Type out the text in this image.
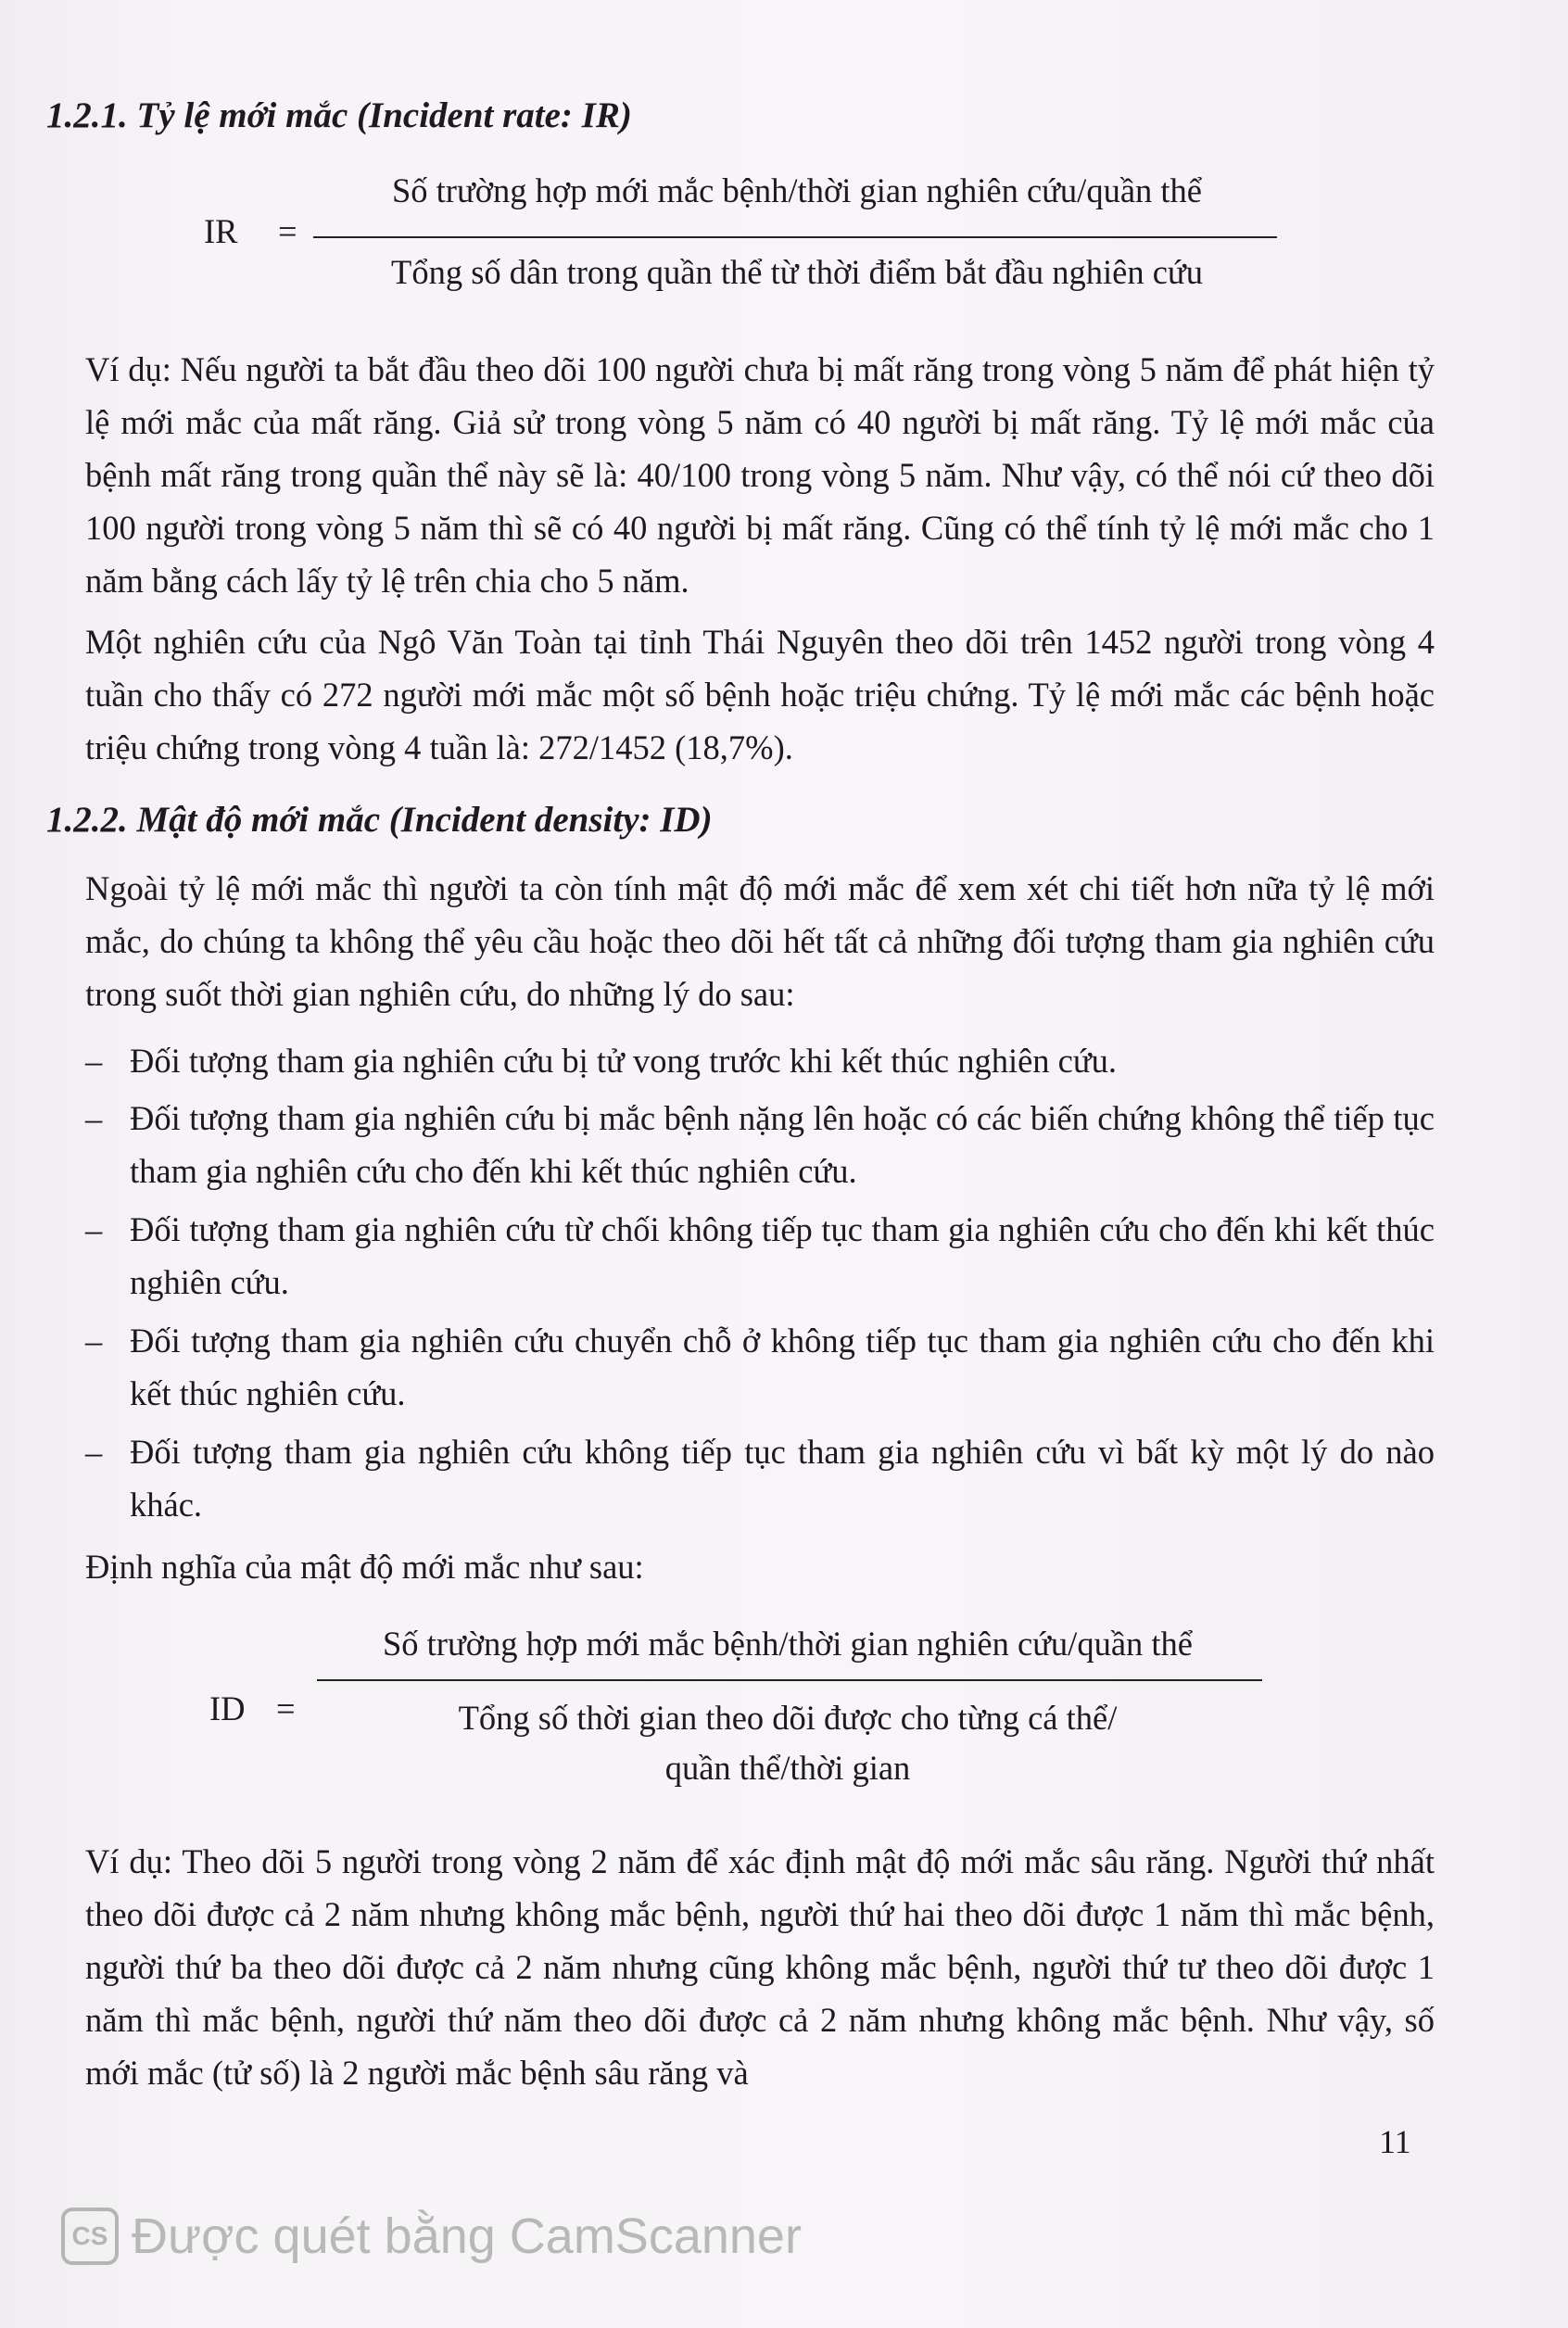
1.2.1. Tỷ lệ mới mắc (Incident rate: IR)
IR =
Số trường hợp mới mắc bệnh/thời gian nghiên cứu/quần thể
Tổng số dân trong quần thể từ thời điểm bắt đầu nghiên cứu
Ví dụ: Nếu người ta bắt đầu theo dõi 100 người chưa bị mất răng trong vòng 5 năm để phát hiện tỷ lệ mới mắc của mất răng. Giả sử trong vòng 5 năm có 40 người bị mất răng. Tỷ lệ mới mắc của bệnh mất răng trong quần thể này sẽ là: 40/100 trong vòng 5 năm. Như vậy, có thể nói cứ theo dõi 100 người trong vòng 5 năm thì sẽ có 40 người bị mất răng. Cũng có thể tính tỷ lệ mới mắc cho 1 năm bằng cách lấy tỷ lệ trên chia cho 5 năm.
Một nghiên cứu của Ngô Văn Toàn tại tỉnh Thái Nguyên theo dõi trên 1452 người trong vòng 4 tuần cho thấy có 272 người mới mắc một số bệnh hoặc triệu chứng. Tỷ lệ mới mắc các bệnh hoặc triệu chứng trong vòng 4 tuần là: 272/1452 (18,7%).
1.2.2. Mật độ mới mắc (Incident density: ID)
Ngoài tỷ lệ mới mắc thì người ta còn tính mật độ mới mắc để xem xét chi tiết hơn nữa tỷ lệ mới mắc, do chúng ta không thể yêu cầu hoặc theo dõi hết tất cả những đối tượng tham gia nghiên cứu trong suốt thời gian nghiên cứu, do những lý do sau:
– Đối tượng tham gia nghiên cứu bị tử vong trước khi kết thúc nghiên cứu.
– Đối tượng tham gia nghiên cứu bị mắc bệnh nặng lên hoặc có các biến chứng không thể tiếp tục tham gia nghiên cứu cho đến khi kết thúc nghiên cứu.
– Đối tượng tham gia nghiên cứu từ chối không tiếp tục tham gia nghiên cứu cho đến khi kết thúc nghiên cứu.
– Đối tượng tham gia nghiên cứu chuyển chỗ ở không tiếp tục tham gia nghiên cứu cho đến khi kết thúc nghiên cứu.
– Đối tượng tham gia nghiên cứu không tiếp tục tham gia nghiên cứu vì bất kỳ một lý do nào khác.
Định nghĩa của mật độ mới mắc như sau:
ID =
Số trường hợp mới mắc bệnh/thời gian nghiên cứu/quần thể
Tổng số thời gian theo dõi được cho từng cá thể/
quần thể/thời gian
Ví dụ: Theo dõi 5 người trong vòng 2 năm để xác định mật độ mới mắc sâu răng. Người thứ nhất theo dõi được cả 2 năm nhưng không mắc bệnh, người thứ hai theo dõi được 1 năm thì mắc bệnh, người thứ ba theo dõi được cả 2 năm nhưng cũng không mắc bệnh, người thứ tư theo dõi được 1 năm thì mắc bệnh, người thứ năm theo dõi được cả 2 năm nhưng không mắc bệnh. Như vậy, số mới mắc (tử số) là 2 người mắc bệnh sâu răng và
11
CS Được quét bằng CamScanner
